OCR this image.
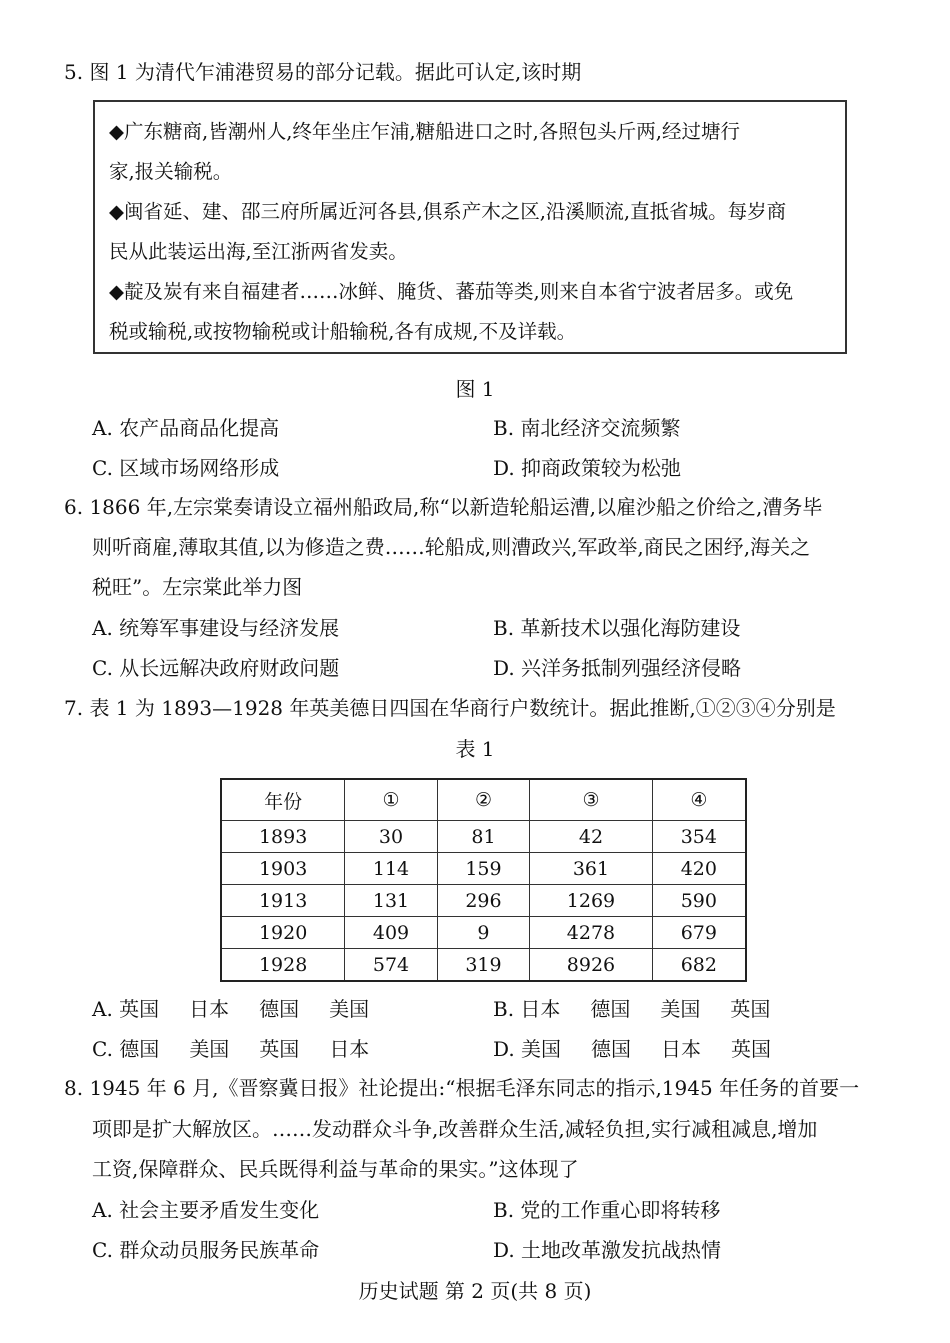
5. 图 1 为清代乍浦港贸易的部分记载。据此可认定,该时期
◆广东糖商,皆潮州人,终年坐庄乍浦,糖船进口之时,各照包头斤两,经过塘行
家,报关输税。
◆闽省延、建、邵三府所属近河各县,俱系产木之区,沿溪顺流,直抵省城。每岁商
民从此装运出海,至江浙两省发卖。
◆靛及炭有来自福建者……冰鲜、腌货、蕃茄等类,则来自本省宁波者居多。或免
税或输税,或按物输税或计船输税,各有成规,不及详载。
图 1
A. 农产品商品化提高	B. 南北经济交流频繁
C. 区域市场网络形成	D. 抑商政策较为松弛
6. 1866 年,左宗棠奏请设立福州船政局,称“以新造轮船运漕,以雇沙船之价给之,漕务毕
则听商雇,薄取其值,以为修造之费……轮船成,则漕政兴,军政举,商民之困纾,海关之
税旺”。左宗棠此举力图
A. 统筹军事建设与经济发展	B. 革新技术以强化海防建设
C. 从长远解决政府财政问题	D. 兴洋务抵制列强经济侵略
7. 表 1 为 1893—1928 年英美德日四国在华商行户数统计。据此推断,①②③④分别是
表 1
年份	①	②	③	④
1893	30	81	42	354
1903	114	159	361	420
1913	131	296	1269	590
1920	409	9	4278	679
1928	574	319	8926	682
A. 英国 日本 德国 美国	B. 日本 德国 美国 英国
C. 德国 美国 英国 日本	D. 美国 德国 日本 英国
8. 1945 年 6 月,《晋察冀日报》社论提出:“根据毛泽东同志的指示,1945 年任务的首要一
项即是扩大解放区。……发动群众斗争,改善群众生活,减轻负担,实行减租减息,增加
工资,保障群众、民兵既得利益与革命的果实。”这体现了
A. 社会主要矛盾发生变化	B. 党的工作重心即将转移
C. 群众动员服务民族革命	D. 土地改革激发抗战热情
历史试题 第 2 页(共 8 页)
